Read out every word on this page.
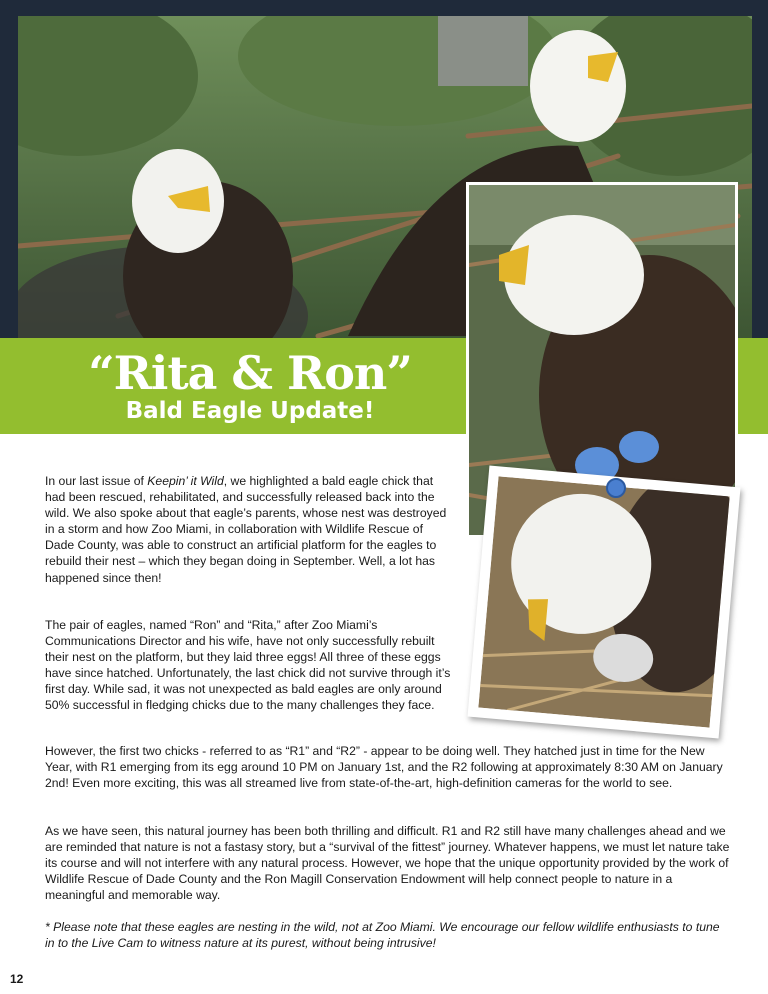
“Rita & Ron”
Bald Eagle Update!

In our last issue of Keepin’ it Wild, we highlighted a bald eagle chick that had been rescued, rehabilitated, and successfully released back into the wild. We also spoke about that eagle’s parents, whose nest was destroyed in a storm and how Zoo Miami, in collaboration with Wildlife Rescue of Dade County, was able to construct an artificial platform for the eagles to rebuild their nest – which they began doing in September. Well, a lot has happened since then!

The pair of eagles, named “Ron” and “Rita,” after Zoo Miami’s Communications Director and his wife, have not only successfully rebuilt their nest on the platform, but they laid three eggs! All three of these eggs have since hatched. Unfortunately, the last chick did not survive through it’s first day. While sad, it was not unexpected as bald eagles are only around 50% successful in fledging chicks due to the many challenges they face.

However, the first two chicks - referred to as “R1” and “R2” - appear to be doing well. They hatched just in time for the New Year, with R1 emerging from its egg around 10 PM on January 1st, and the R2 following at approximately 8:30 AM on January 2nd! Even more exciting, this was all streamed live from state-of-the-art, high-definition cameras for the world to see.

As we have seen, this natural journey has been both thrilling and difficult. R1 and R2 still have many challenges ahead and we are reminded that nature is not a fastasy story, but a “survival of the fittest” journey. Whatever happens, we must let nature take its course and will not interfere with any natural process. However, we hope that the unique opportunity provided by the work of Wildlife Rescue of Dade County and the Ron Magill Conservation Endowment will help connect people to nature in a meaningful and memorable way.

* Please note that these eagles are nesting in the wild, not at Zoo Miami. We encourage our fellow wildlife enthusiasts to tune in to the Live Cam to witness nature at its purest, without being intrusive!

12
